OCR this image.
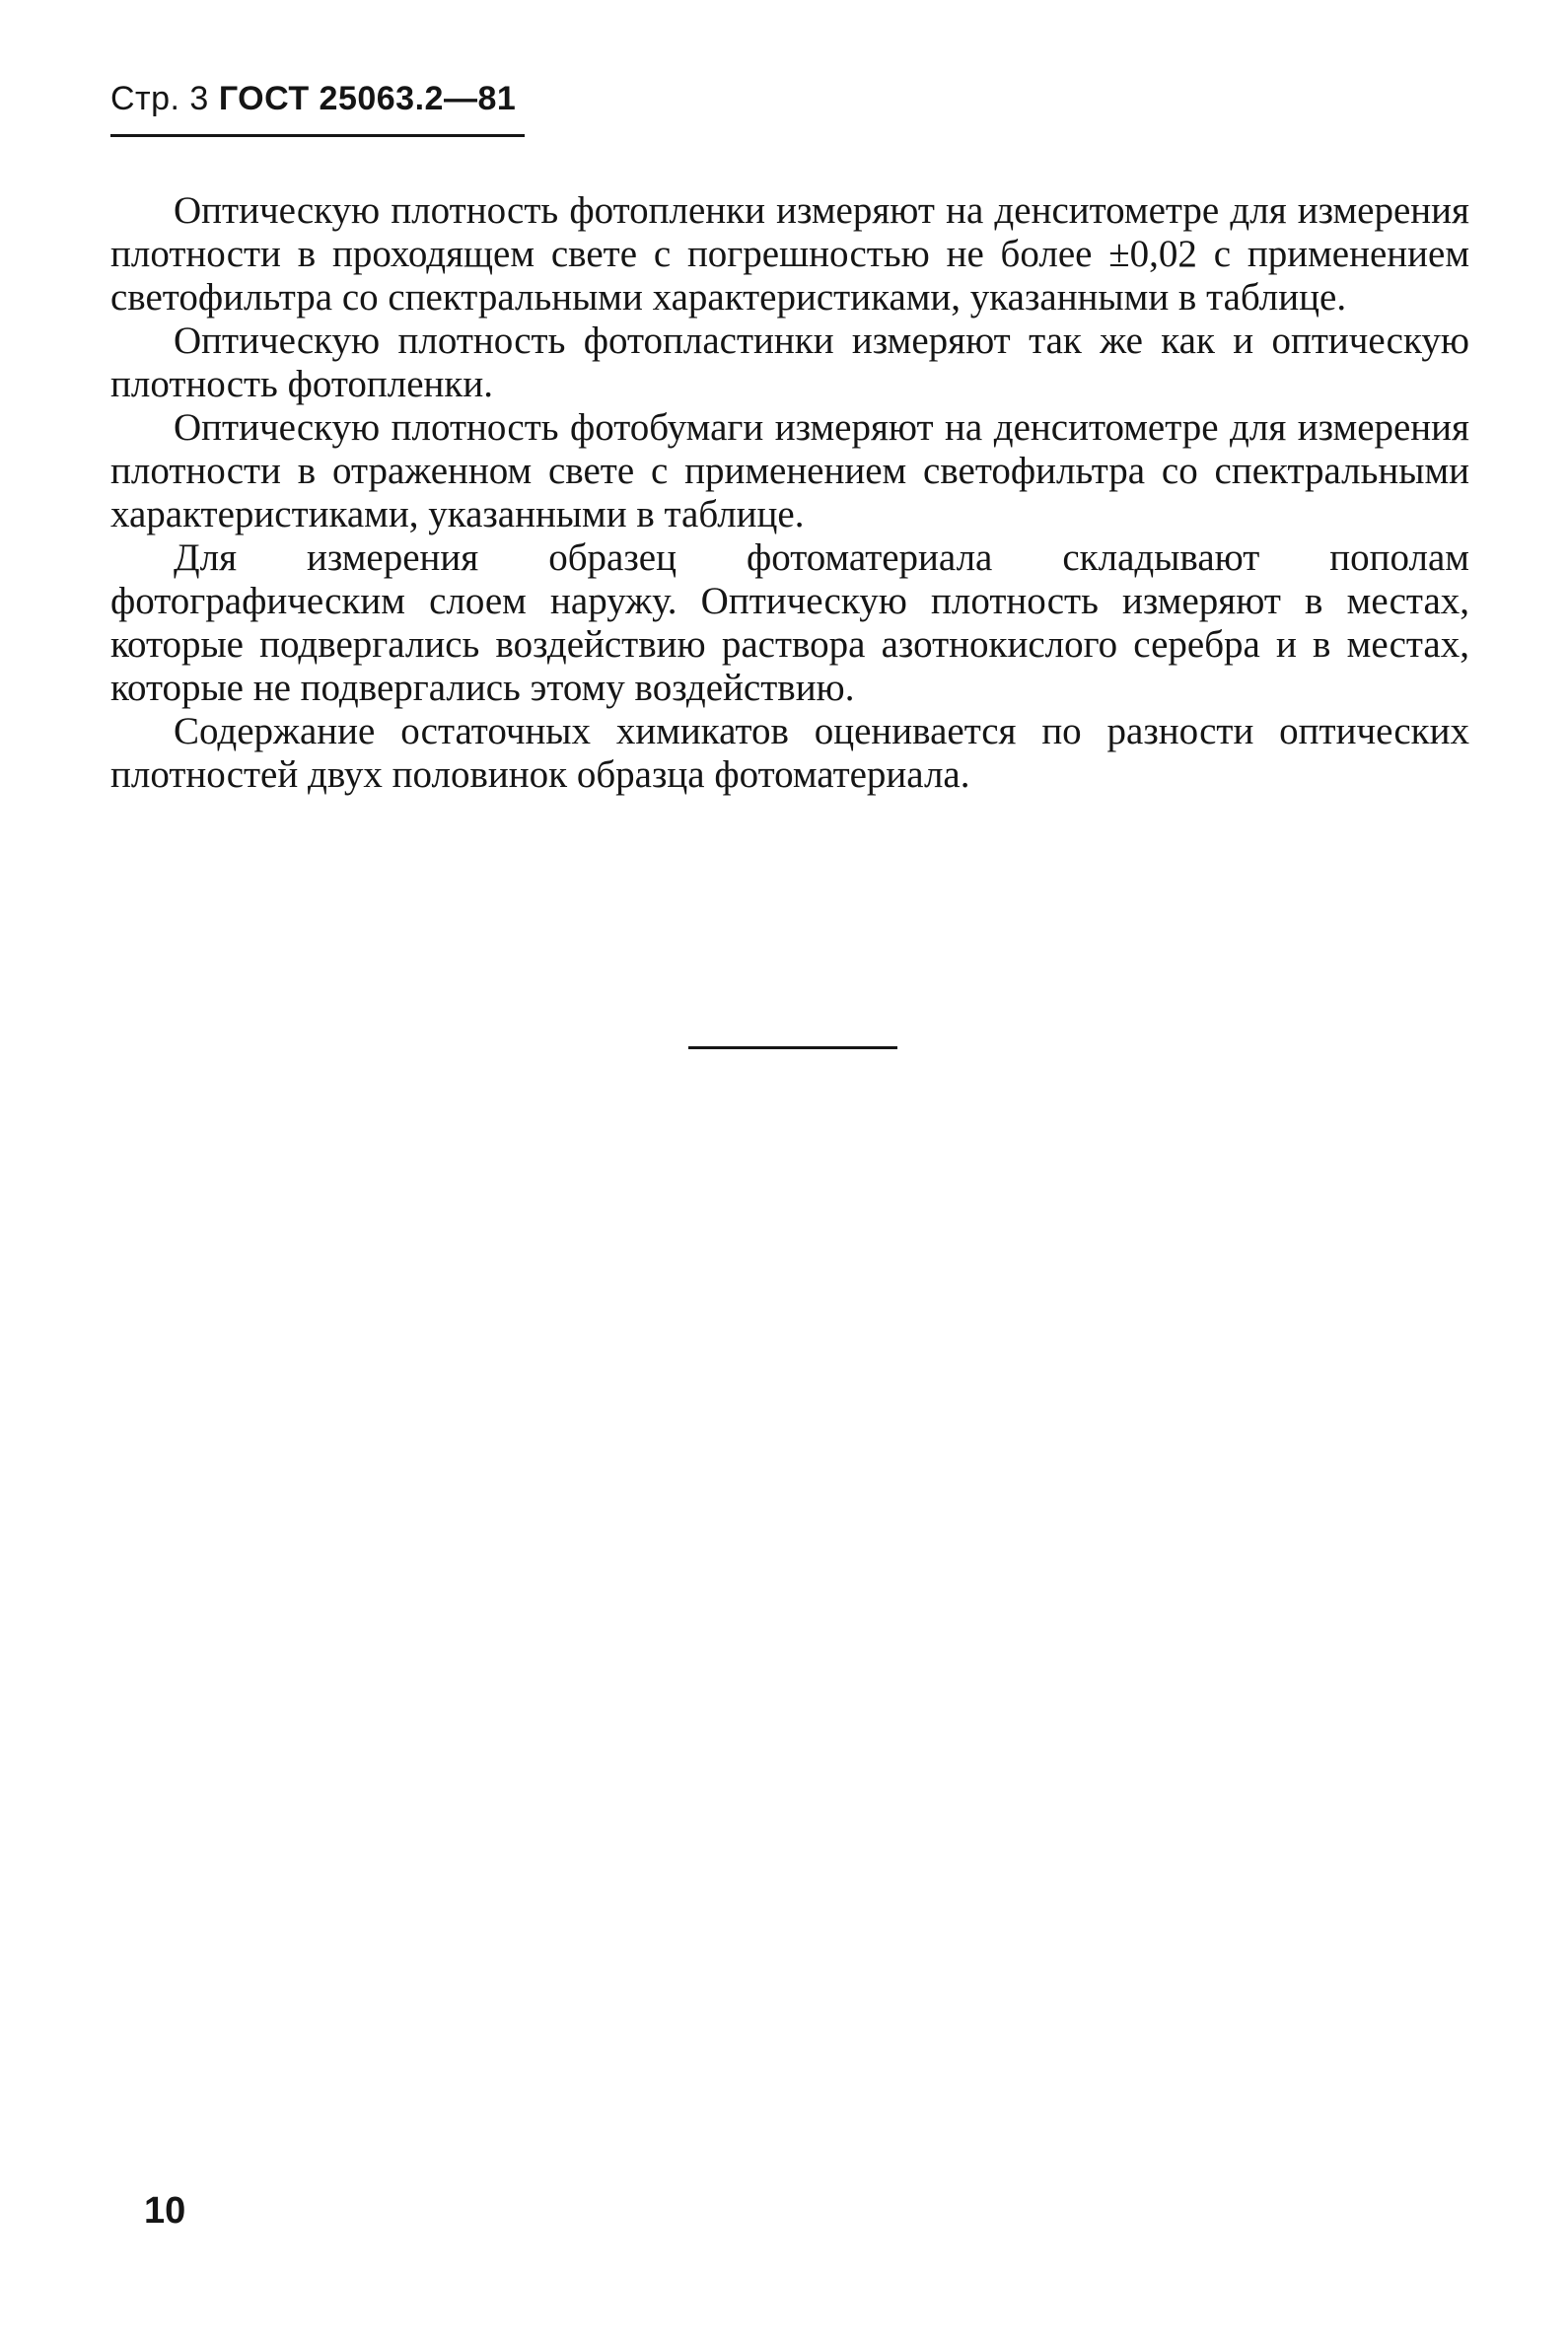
Стр. 3 ГОСТ 25063.2—81

Оптическую плотность фотопленки измеряют на денситометре для измерения плотности в проходящем свете с погрешностью не более ±0,02 с применением светофильтра со спектральными характеристиками, указанными в таблице.

Оптическую плотность фотопластинки измеряют так же как и оптическую плотность фотопленки.

Оптическую плотность фотобумаги измеряют на денситометре для измерения плотности в отраженном свете с применением светофильтра со спектральными характеристиками, указанными в таблице.

Для измерения образец фотоматериала складывают пополам фотографическим слоем наружу. Оптическую плотность измеряют в местах, которые подвергались воздействию раствора азотнокислого серебра и в местах, которые не подвергались этому воздействию.

Содержание остаточных химикатов оценивается по разности оптических плотностей двух половинок образца фотоматериала.

10
